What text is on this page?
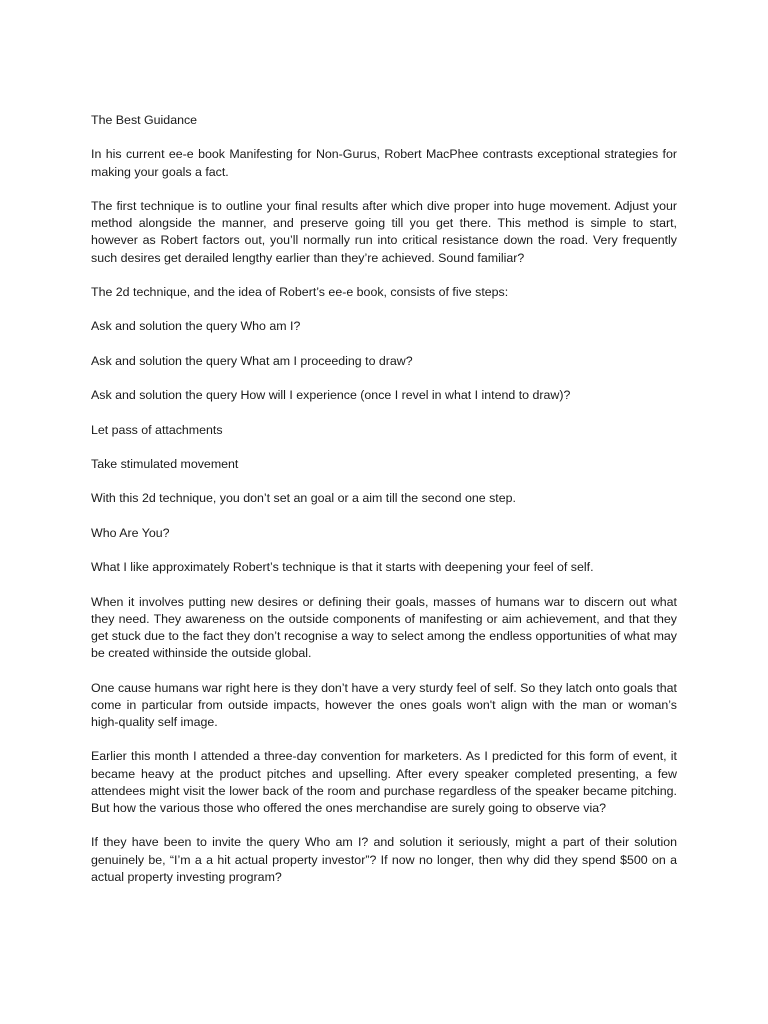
The Best Guidance

In his current ee-e book Manifesting for Non-Gurus, Robert MacPhee contrasts exceptional strategies for making your goals a fact.

The first technique is to outline your final results after which dive proper into huge movement. Adjust your method alongside the manner, and preserve going till you get there. This method is simple to start, however as Robert factors out, you’ll normally run into critical resistance down the road. Very frequently such desires get derailed lengthy earlier than they’re achieved. Sound familiar?

The 2d technique, and the idea of Robert’s ee-e book, consists of five steps:

Ask and solution the query Who am I?

Ask and solution the query What am I proceeding to draw?

Ask and solution the query How will I experience (once I revel in what I intend to draw)?

Let pass of attachments

Take stimulated movement

With this 2d technique, you don’t set an goal or a aim till the second one step.

Who Are You?

What I like approximately Robert’s technique is that it starts with deepening your feel of self.

When it involves putting new desires or defining their goals, masses of humans war to discern out what they need. They awareness on the outside components of manifesting or aim achievement, and that they get stuck due to the fact they don’t recognise a way to select among the endless opportunities of what may be created withinside the outside global.

One cause humans war right here is they don’t have a very sturdy feel of self. So they latch onto goals that come in particular from outside impacts, however the ones goals won't align with the man or woman’s high-quality self image.

Earlier this month I attended a three-day convention for marketers. As I predicted for this form of event, it became heavy at the product pitches and upselling. After every speaker completed presenting, a few attendees might visit the lower back of the room and purchase regardless of the speaker became pitching. But how the various those who offered the ones merchandise are surely going to observe via?

If they have been to invite the query Who am I? and solution it seriously, might a part of their solution genuinely be, “I’m a a hit actual property investor”? If now no longer, then why did they spend $500 on a actual property investing program?
